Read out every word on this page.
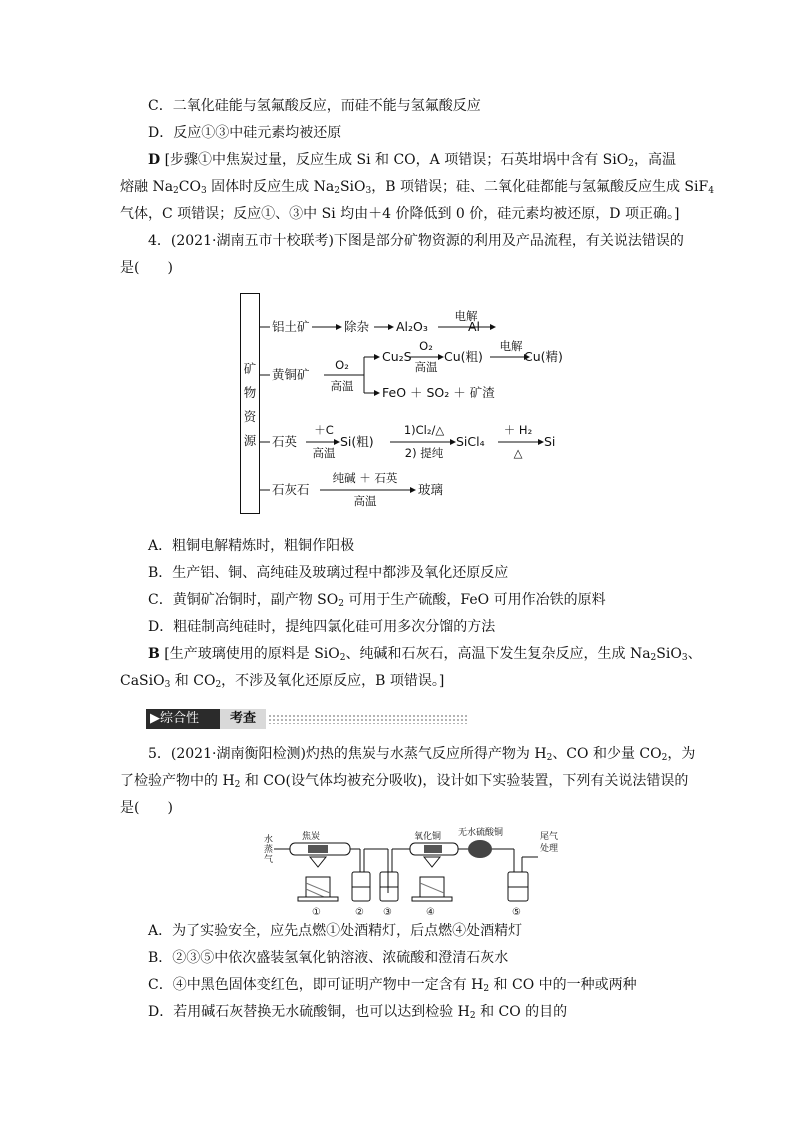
C．二氧化硅能与氢氟酸反应，而硅不能与氢氟酸反应
D．反应①③中硅元素均被还原
D [步骤①中焦炭过量，反应生成 Si 和 CO，A 项错误；石英坩埚中含有 SiO$_2$，高温
熔融 $Na_2CO_3$ 固体时反应生成 $Na_2SiO_3$，B 项错误；硅、二氧化硅都能与氢氟酸反应生成 SiF$_4$
气体，C 项错误；反应①、③中 Si 均由＋4 价降低到 0 价，硅元素均被还原，D 项正确。]
4．(2021·湖南五市十校联考)下图是部分矿物资源的利用及产品流程，有关说法错误的
是(　　)
矿
物
资
源
铝土矿	除杂 Al₂O₃
电解
Al
黄铜矿
O₂
高温
Cu₂S
O₂
高温
Cu(粗)
电解
Cu(精)
FeO ＋ SO₂ ＋ 矿渣
石英
＋C
高温
Si(粗)
1)Cl₂/△
2) 提纯
SiCl₄
＋ H₂
△
Si
石灰石
纯碱 ＋ 石英
高温
玻璃
A．粗铜电解精炼时，粗铜作阳极
B．生产铝、铜、高纯硅及玻璃过程中都涉及氧化还原反应
C．黄铜矿冶铜时，副产物 $SO_2$ 可用于生产硫酸，FeO 可用作冶铁的原料
D．粗硅制高纯硅时，提纯四氯化硅可用多次分馏的方法
B [生产玻璃使用的原料是 SiO$_2$、纯碱和石灰石，高温下发生复杂反应，生成 $Na_2SiO_3$、
CaSiO$_3$ 和 $CO_2$，不涉及氧化还原反应，B 项错误。]
▶综合性	考查
5．(2021·湖南衡阳检测)灼热的焦炭与水蒸气反应所得产物为 $H_2$、CO 和少量 $CO_2$，为
了检验产物中的 $H_2$ 和 CO(设气体均被充分吸收)，设计如下实验装置，下列有关说法错误的
是(　　)
水
蒸
气
焦炭	氧化铜 无水硫酸铜	尾气
处理
①	② ③	④	⑤
A．为了实验安全，应先点燃①处酒精灯，后点燃④处酒精灯
B．②③⑤中依次盛装氢氧化钠溶液、浓硫酸和澄清石灰水
C．④中黑色固体变红色，即可证明产物中一定含有 $H_2$ 和 CO 中的一种或两种
D．若用碱石灰替换无水硫酸铜，也可以达到检验 $H_2$ 和 CO 的目的
